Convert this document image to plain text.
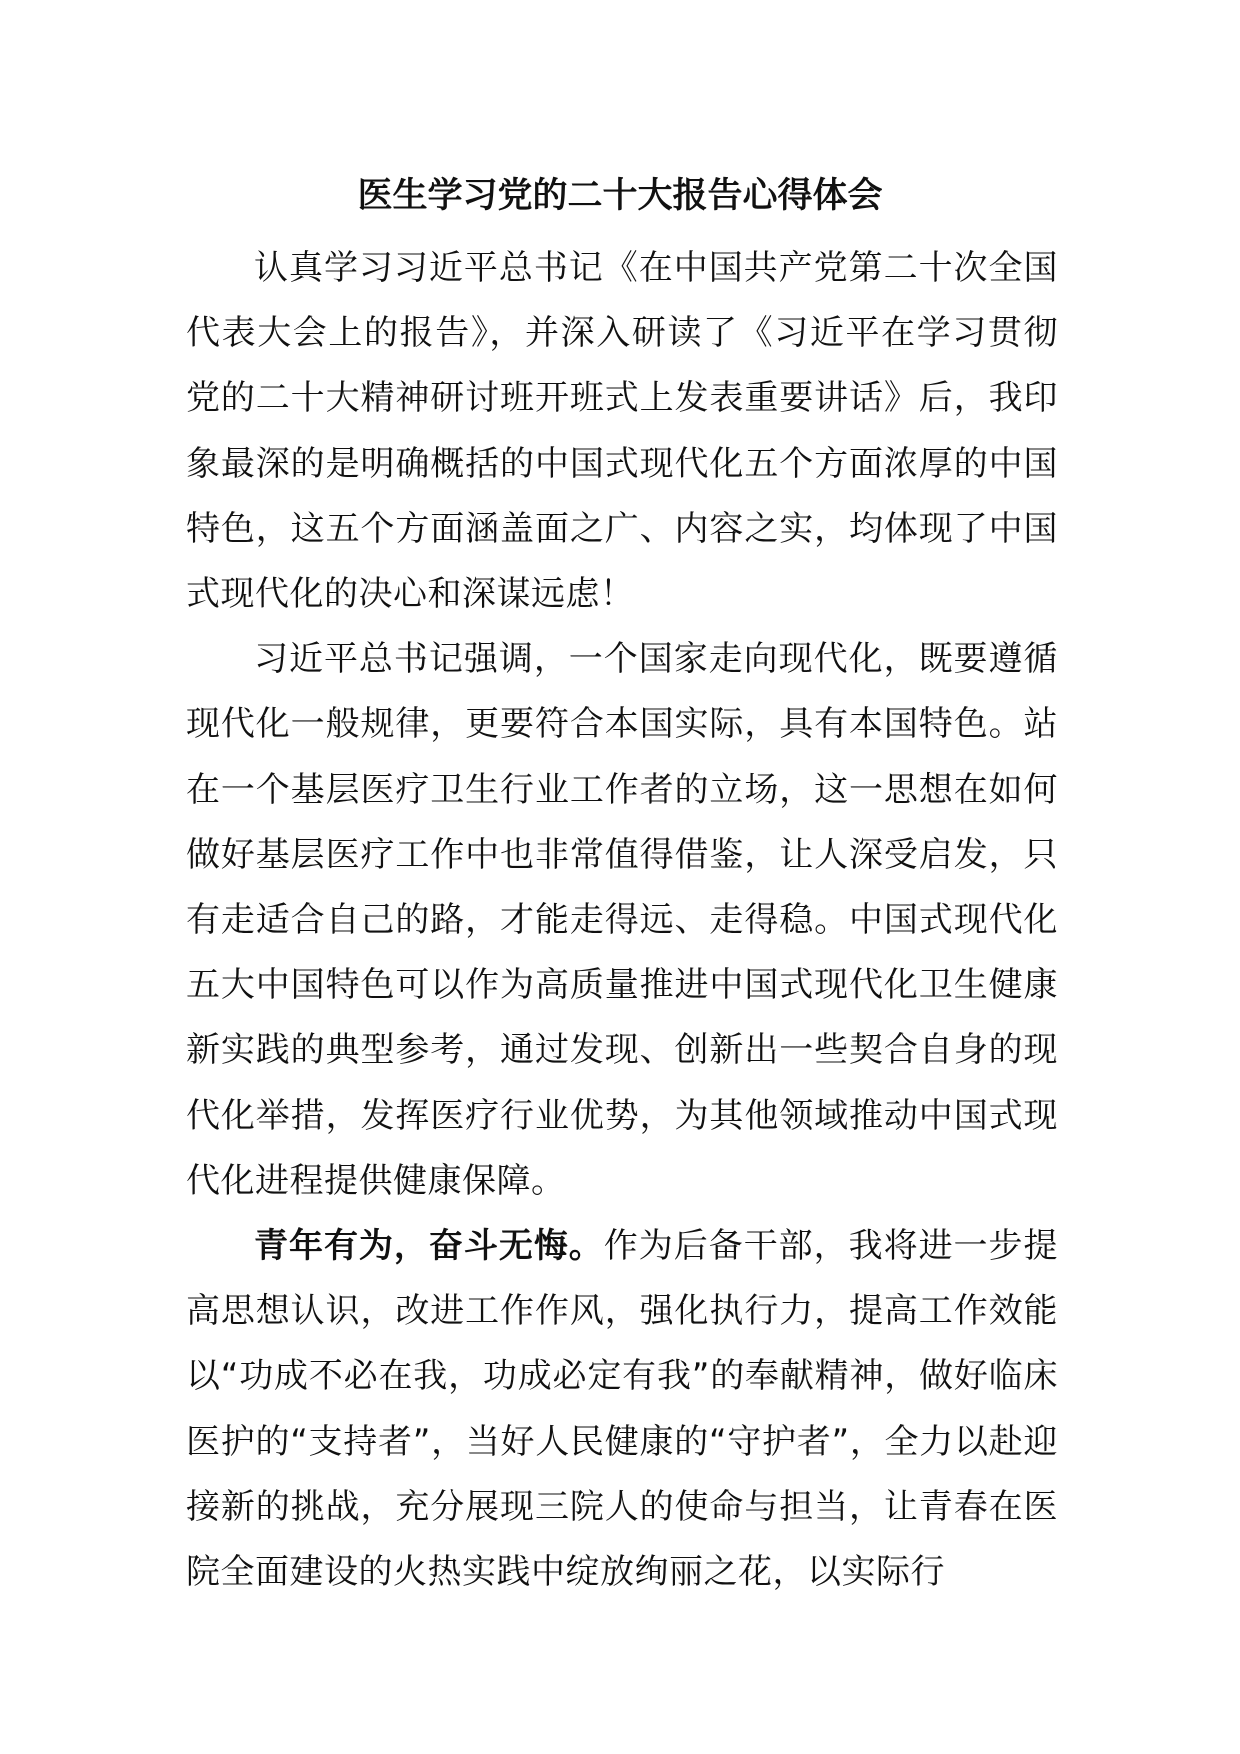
医生学习党的二十大报告心得体会

认真学习习近平总书记《在中国共产党第二十次全国代表大会上的报告》，并深入研读了《习近平在学习贯彻党的二十大精神研讨班开班式上发表重要讲话》后，我印象最深的是明确概括的中国式现代化五个方面浓厚的中国特色，这五个方面涵盖面之广、内容之实，均体现了中国式现代化的决心和深谋远虑！

习近平总书记强调，一个国家走向现代化，既要遵循现代化一般规律，更要符合本国实际，具有本国特色。站在一个基层医疗卫生行业工作者的立场，这一思想在如何做好基层医疗工作中也非常值得借鉴，让人深受启发，只有走适合自己的路，才能走得远、走得稳。中国式现代化五大中国特色可以作为高质量推进中国式现代化卫生健康新实践的典型参考，通过发现、创新出一些契合自身的现代化举措，发挥医疗行业优势，为其他领域推动中国式现代化进程提供健康保障。

青年有为，奋斗无悔。作为后备干部，我将进一步提高思想认识，改进工作作风，强化执行力，提高工作效能以“功成不必在我，功成必定有我”的奉献精神，做好临床医护的“支持者”，当好人民健康的“守护者”，全力以赴迎接新的挑战，充分展现三院人的使命与担当，让青春在医院全面建设的火热实践中绽放绚丽之花，以实际行
